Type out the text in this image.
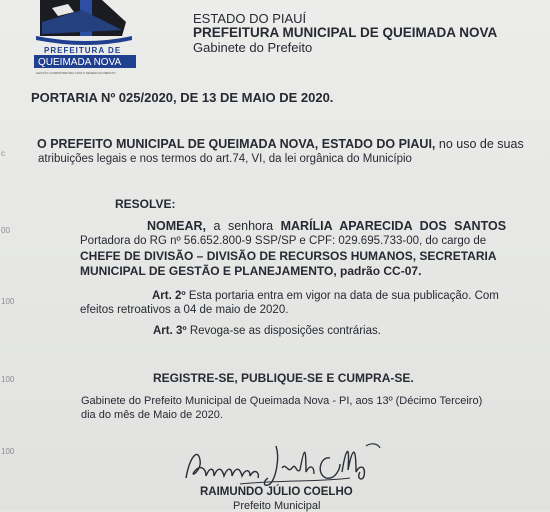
PREFEITURA DE
QUEIMADA NOVA
GESTÃO COMPROMETIDA COM O DESENVOLVIMENTO
ESTADO DO PIAUÍ
PREFEITURA MUNICIPAL DE QUEIMADA NOVA
Gabinete do Prefeito
PORTARIA Nº 025/2020, DE 13 DE MAIO DE 2020.
O PREFEITO MUNICIPAL DE QUEIMADA NOVA, ESTADO DO PIAUI, no uso de suas
atribuições legais e nos termos do art.74, VI, da lei orgânica do Município
RESOLVE:
NOMEAR, a senhora MARÍLIA APARECIDA DOS SANTOS
Portadora do RG nº 56.652.800-9 SSP/SP e CPF: 029.695.733-00, do cargo de
CHEFE DE DIVISÃO – DIVISÃO DE RECURSOS HUMANOS, SECRETARIA
MUNICIPAL DE GESTÃO E PLANEJAMENTO, padrão CC-07.
Art. 2º Esta portaria entra em vigor na data de sua publicação. Com
efeitos retroativos a 04 de maio de 2020.
Art. 3º Revoga-se as disposições contrárias.
REGISTRE-SE, PUBLIQUE-SE E CUMPRA-SE.
Gabinete do Prefeito Municipal de Queimada Nova - PI, aos 13º (Décimo Terceiro)
dia do mês de Maio de 2020.
RAIMUNDO JÚLIO COELHO
Prefeito Municipal
c
00
100
100
100
